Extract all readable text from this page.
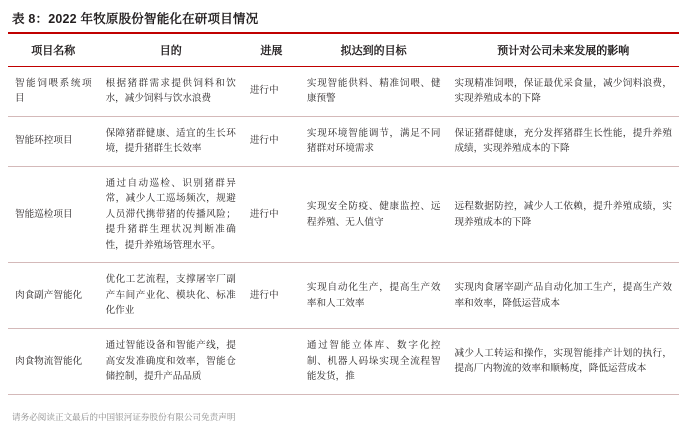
表 8：2022 年牧原股份智能化在研项目情况
项目名称	目的	进展	拟达到的目标	预计对公司未来发展的影响
智能饲喂系统项目	根据猪群需求提供饲料和饮水，减少饲料与饮水浪费	进行中	实现智能供料、精准饲喂、健康预警	实现精准饲喂，保证最优采食量，减少饲料浪费，实现养殖成本的下降
智能环控项目	保障猪群健康、适宜的生长环境，提升猪群生长效率	进行中	实现环境智能调节，满足不同猪群对环境需求	保证猪群健康，充分发挥猪群生长性能，提升养殖成绩，实现养殖成本的下降
智能巡检项目	通过自动巡检、识别猪群异常，减少人工巡场频次，规避人员滞代携带猪的传播风险；提升猪群生理状况判断准确性，提升养殖场管理水平。	进行中	实现安全防疫、健康监控、远程养殖、无人值守	远程数据防控，减少人工依赖，提升养殖成绩，实现养殖成本的下降
肉食副产智能化	优化工艺流程，支撑屠宰厂副产车间产业化、模块化、标准化作业	进行中	实现自动化生产，提高生产效率和人工效率	实现肉食屠宰副产品自动化加工生产，提高生产效率和效率，降低运营成本
肉食物流智能化	通过智能设备和智能产线，提高安发准确度和效率，智能仓储控制，提升产品品质		通过智能立体库、数字化控制、机器人码垛实现全流程智能发货，推	减少人工转运和操作，实现智能排产计划的执行，提高厂内物流的效率和顺畅度，降低运营成本
请务必阅读正文最后的中国银河证券股份有限公司免责声明
